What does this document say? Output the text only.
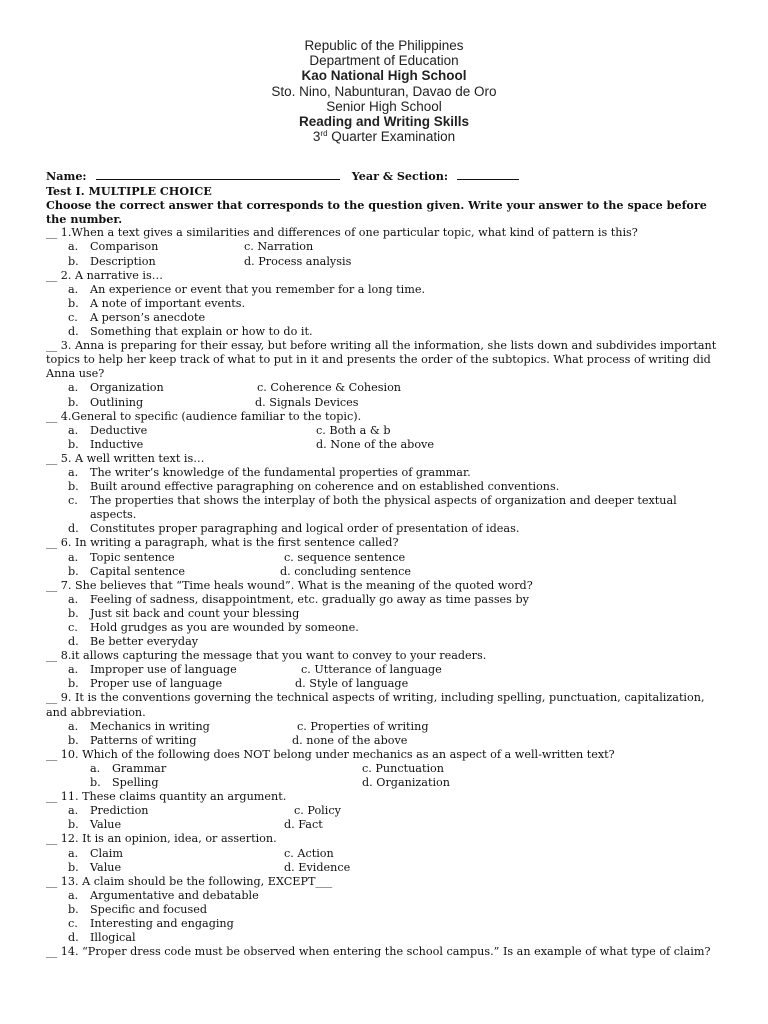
Republic of the Philippines
Department of Education
Kao National High School
Sto. Nino, Nabunturan, Davao de Oro
Senior High School
Reading and Writing Skills
3rd Quarter Examination
Name:	Year & Section:
Test I. MULTIPLE CHOICE
Choose the correct answer that corresponds to the question given. Write your answer to the space before the number.
__ 1.When a text gives a similarities and differences of one particular topic, what kind of pattern is this?
a. Comparison	c. Narration
b. Description	d. Process analysis
__ 2. A narrative is…
a. An experience or event that you remember for a long time.
b. A note of important events.
c. A person’s anecdote
d. Something that explain or how to do it.
__ 3. Anna is preparing for their essay, but before writing all the information, she lists down and subdivides important topics to help her keep track of what to put in it and presents the order of the subtopics. What process of writing did Anna use?
a. Organization	c. Coherence & Cohesion
b. Outlining	d. Signals Devices
__ 4.General to specific (audience familiar to the topic).
a. Deductive	c. Both a & b
b. Inductive	d. None of the above
__ 5. A well written text is…
a. The writer’s knowledge of the fundamental properties of grammar.
b. Built around effective paragraphing on coherence and on established conventions.
c. The properties that shows the interplay of both the physical aspects of organization and deeper textual
aspects.
d. Constitutes proper paragraphing and logical order of presentation of ideas.
__ 6. In writing a paragraph, what is the first sentence called?
a. Topic sentence	c. sequence sentence
b. Capital sentence	d. concluding sentence
__ 7. She believes that “Time heals wound”. What is the meaning of the quoted word?
a. Feeling of sadness, disappointment, etc. gradually go away as time passes by
b. Just sit back and count your blessing
c. Hold grudges as you are wounded by someone.
d. Be better everyday
__ 8.it allows capturing the message that you want to convey to your readers.
a. Improper use of language	c. Utterance of language
b. Proper use of language	d. Style of language
__ 9. It is the conventions governing the technical aspects of writing, including spelling, punctuation, capitalization, and abbreviation.
a. Mechanics in writing	c. Properties of writing
b. Patterns of writing	d. none of the above
__ 10. Which of the following does NOT belong under mechanics as an aspect of a well-written text?
a. Grammar	c. Punctuation
b. Spelling	d. Organization
__ 11. These claims quantity an argument.
a. Prediction	c. Policy
b. Value	d. Fact
__ 12. It is an opinion, idea, or assertion.
a. Claim	c. Action
b. Value	d. Evidence
__ 13. A claim should be the following, EXCEPT___
a. Argumentative and debatable
b. Specific and focused
c. Interesting and engaging
d. Illogical
__ 14. “Proper dress code must be observed when entering the school campus.” Is an example of what type of claim?
